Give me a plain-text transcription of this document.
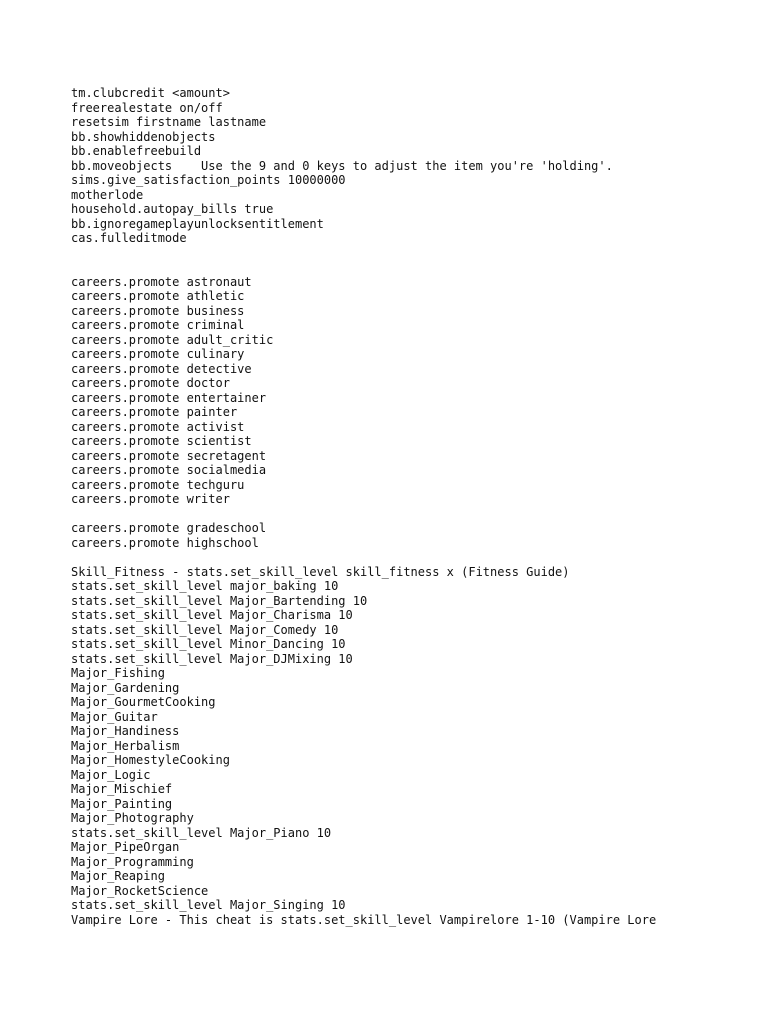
tm.clubcredit <amount>
freerealestate on/off
resetsim firstname lastname
bb.showhiddenobjects
bb.enablefreebuild
bb.moveobjects    Use the 9 and 0 keys to adjust the item you're 'holding'.
sims.give_satisfaction_points 10000000
motherlode
household.autopay_bills true
bb.ignoregameplayunlocksentitlement
cas.fulleditmode
careers.promote astronaut
careers.promote athletic
careers.promote business
careers.promote criminal
careers.promote adult_critic
careers.promote culinary
careers.promote detective
careers.promote doctor
careers.promote entertainer
careers.promote painter
careers.promote activist
careers.promote scientist
careers.promote secretagent
careers.promote socialmedia
careers.promote techguru
careers.promote writer
careers.promote gradeschool
careers.promote highschool
Skill_Fitness - stats.set_skill_level skill_fitness x (Fitness Guide)
stats.set_skill_level major_baking 10
stats.set_skill_level Major_Bartending 10
stats.set_skill_level Major_Charisma 10
stats.set_skill_level Major_Comedy 10
stats.set_skill_level Minor_Dancing 10
stats.set_skill_level Major_DJMixing 10
Major_Fishing
Major_Gardening
Major_GourmetCooking
Major_Guitar
Major_Handiness
Major_Herbalism
Major_HomestyleCooking
Major_Logic
Major_Mischief
Major_Painting
Major_Photography
stats.set_skill_level Major_Piano 10
Major_PipeOrgan
Major_Programming
Major_Reaping
Major_RocketScience
stats.set_skill_level Major_Singing 10
Vampire Lore - This cheat is stats.set_skill_level Vampirelore 1-10 (Vampire Lore
